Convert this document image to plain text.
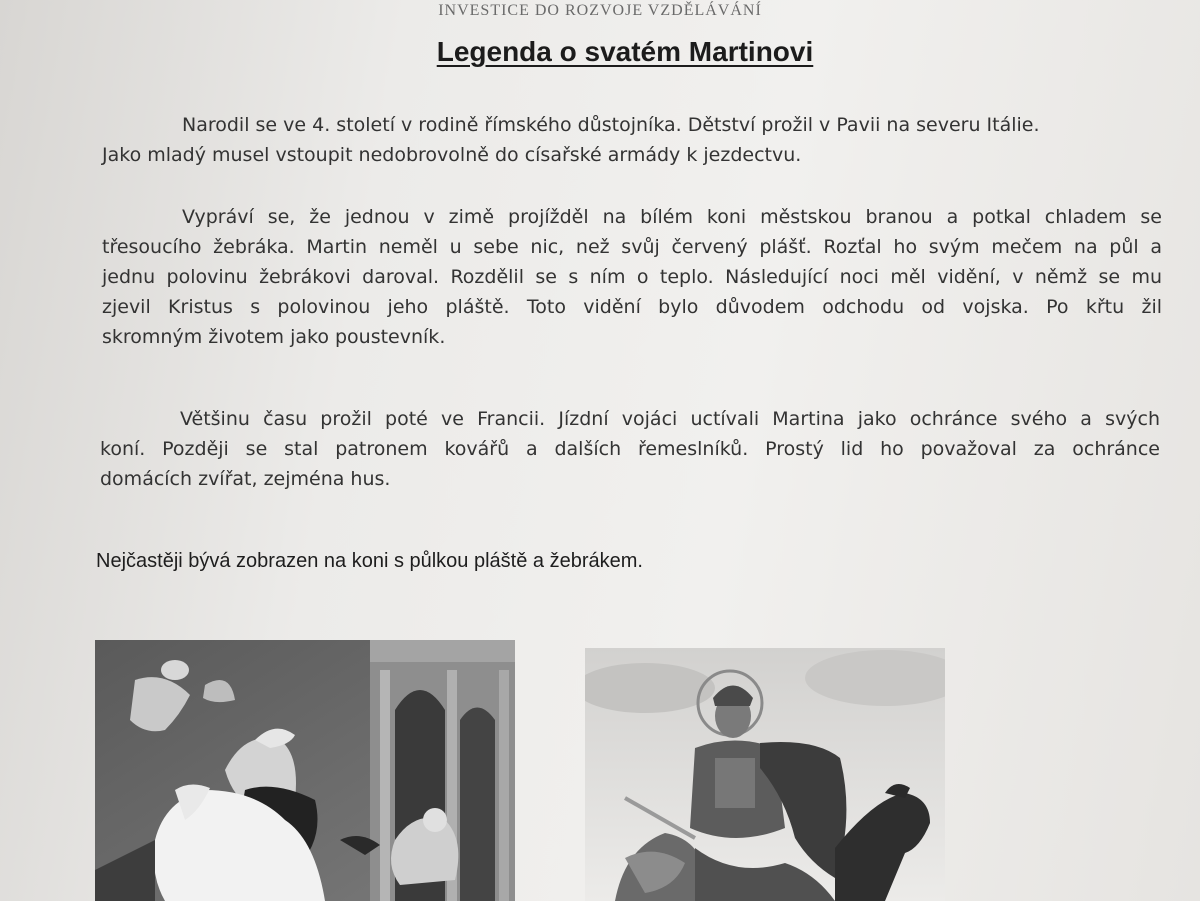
INVESTICE DO ROZVOJE VZDĚLÁVÁNÍ
Legenda o svatém Martinovi
Narodil se ve 4. století v rodině římského důstojníka. Dětství prožil v Pavii na severu Itálie.
Jako mladý musel vstoupit nedobrovolně do císařské armády k jezdectvu.
Vypráví se, že jednou v zimě projížděl na bílém koni městskou branou a potkal chladem se
třesoucího žebráka. Martin neměl u sebe nic, než svůj červený plášť. Rozťal ho svým mečem na půl a
jednu polovinu žebrákovi daroval. Rozdělil se s ním o teplo. Následující noci měl vidění, v němž se mu
zjevil Kristus s polovinou jeho pláště. Toto vidění bylo důvodem odchodu od vojska. Po křtu žil
skromným životem jako poustevník.
Většinu času prožil poté ve Francii. Jízdní vojáci uctívali Martina jako ochránce svého a svých
koní. Později se stal patronem kovářů a dalších řemeslníků. Prostý lid ho považoval za ochránce
domácích zvířat, zejména hus.
Nejčastěji bývá zobrazen na koni s půlkou pláště a žebrákem.
